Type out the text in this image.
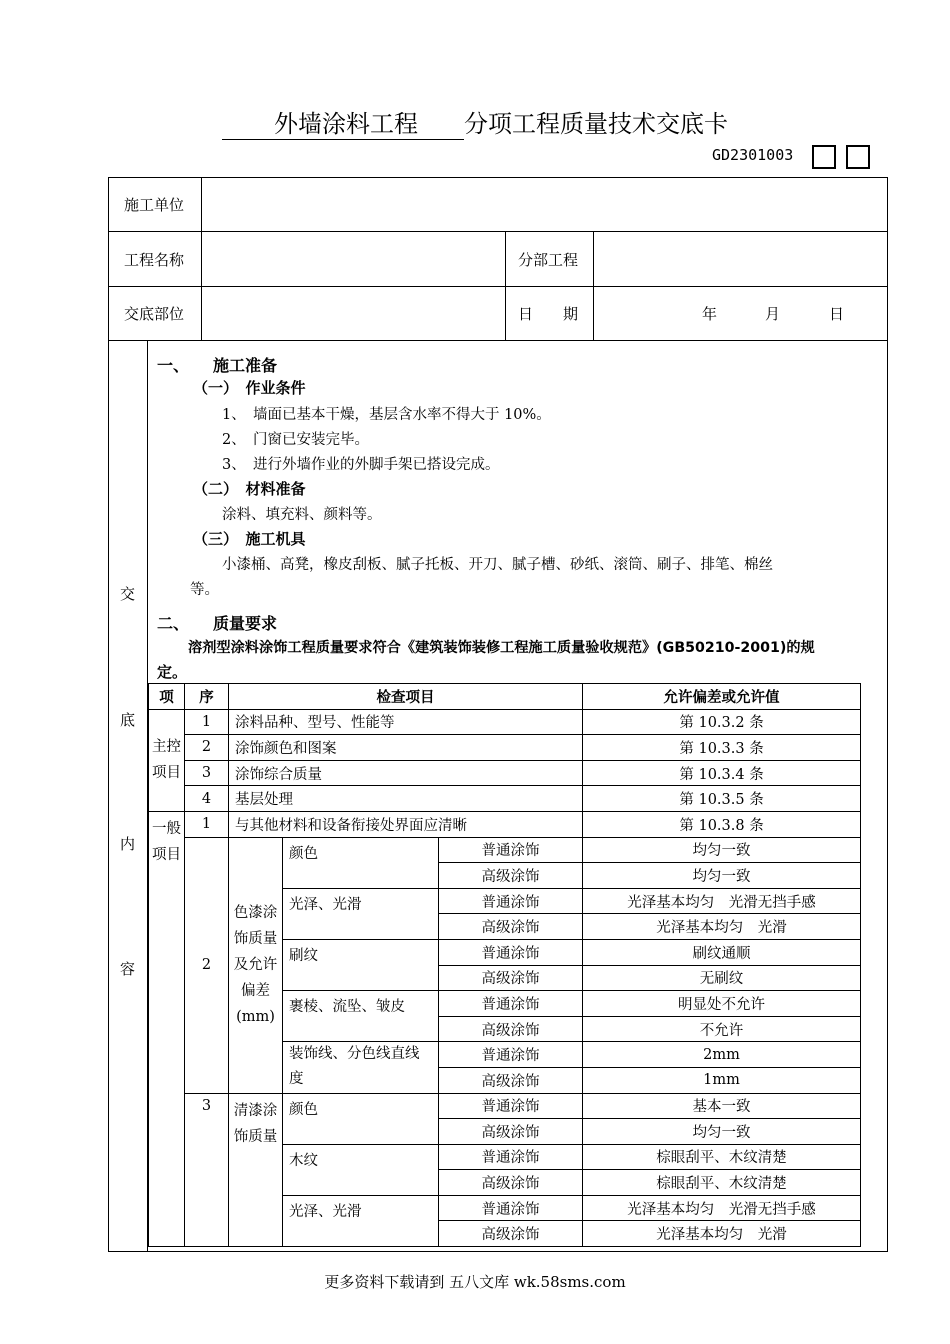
外墙涂料工程 分项工程质量技术交底卡
GD2301003
施工单位
工程名称	分部工程
交底部位	日　　期	年	月	日
交
底
内
容
一、 施工准备
（一）　作业条件
1、　墙面已基本干燥，基层含水率不得大于 10%。
2、　门窗已安装完毕。
3、　进行外墙作业的外脚手架已搭设完成。
（二）　材料准备
涂料、填充料、颜料等。
（三）　施工机具
小漆桶、高凳，橡皮刮板、腻子托板、开刀、腻子槽、砂纸、滚筒、刷子、排笔、棉丝
等。
二、 质量要求
溶剂型涂料涂饰工程质量要求符合《建筑装饰装修工程施工质量验收规范》(GB50210-2001)的规
定。
项	序	检查项目			允许偏差或允许值
主控项目	1	涂料品种、型号、性能等			第 10.3.2 条
	2	涂饰颜色和图案			第 10.3.3 条
	3	涂饰综合质量			第 10.3.4 条
	4	基层处理			第 10.3.5 条
一般项目	1	与其他材料和设备衔接处界面应清晰			第 10.3.8 条
	2	色漆涂饰质量及允许偏差(mm)	颜色	普通涂饰	均匀一致
				高级涂饰	均匀一致
			光泽、光滑	普通涂饰	光泽基本均匀　光滑无挡手感
				高级涂饰	光泽基本均匀　光滑
			刷纹	普通涂饰	刷纹通顺
				高级涂饰	无刷纹
			裹棱、流坠、皱皮	普通涂饰	明显处不允许
				高级涂饰	不允许
			装饰线、分色线直线度	普通涂饰	2mm
				高级涂饰	1mm
	3	清漆涂饰质量	颜色	普通涂饰	基本一致
				高级涂饰	均匀一致
			木纹	普通涂饰	棕眼刮平、木纹清楚
				高级涂饰	棕眼刮平、木纹清楚
			光泽、光滑	普通涂饰	光泽基本均匀　光滑无挡手感
				高级涂饰	光泽基本均匀　光滑
更多资料下载请到 五八文库 wk.58sms.com
